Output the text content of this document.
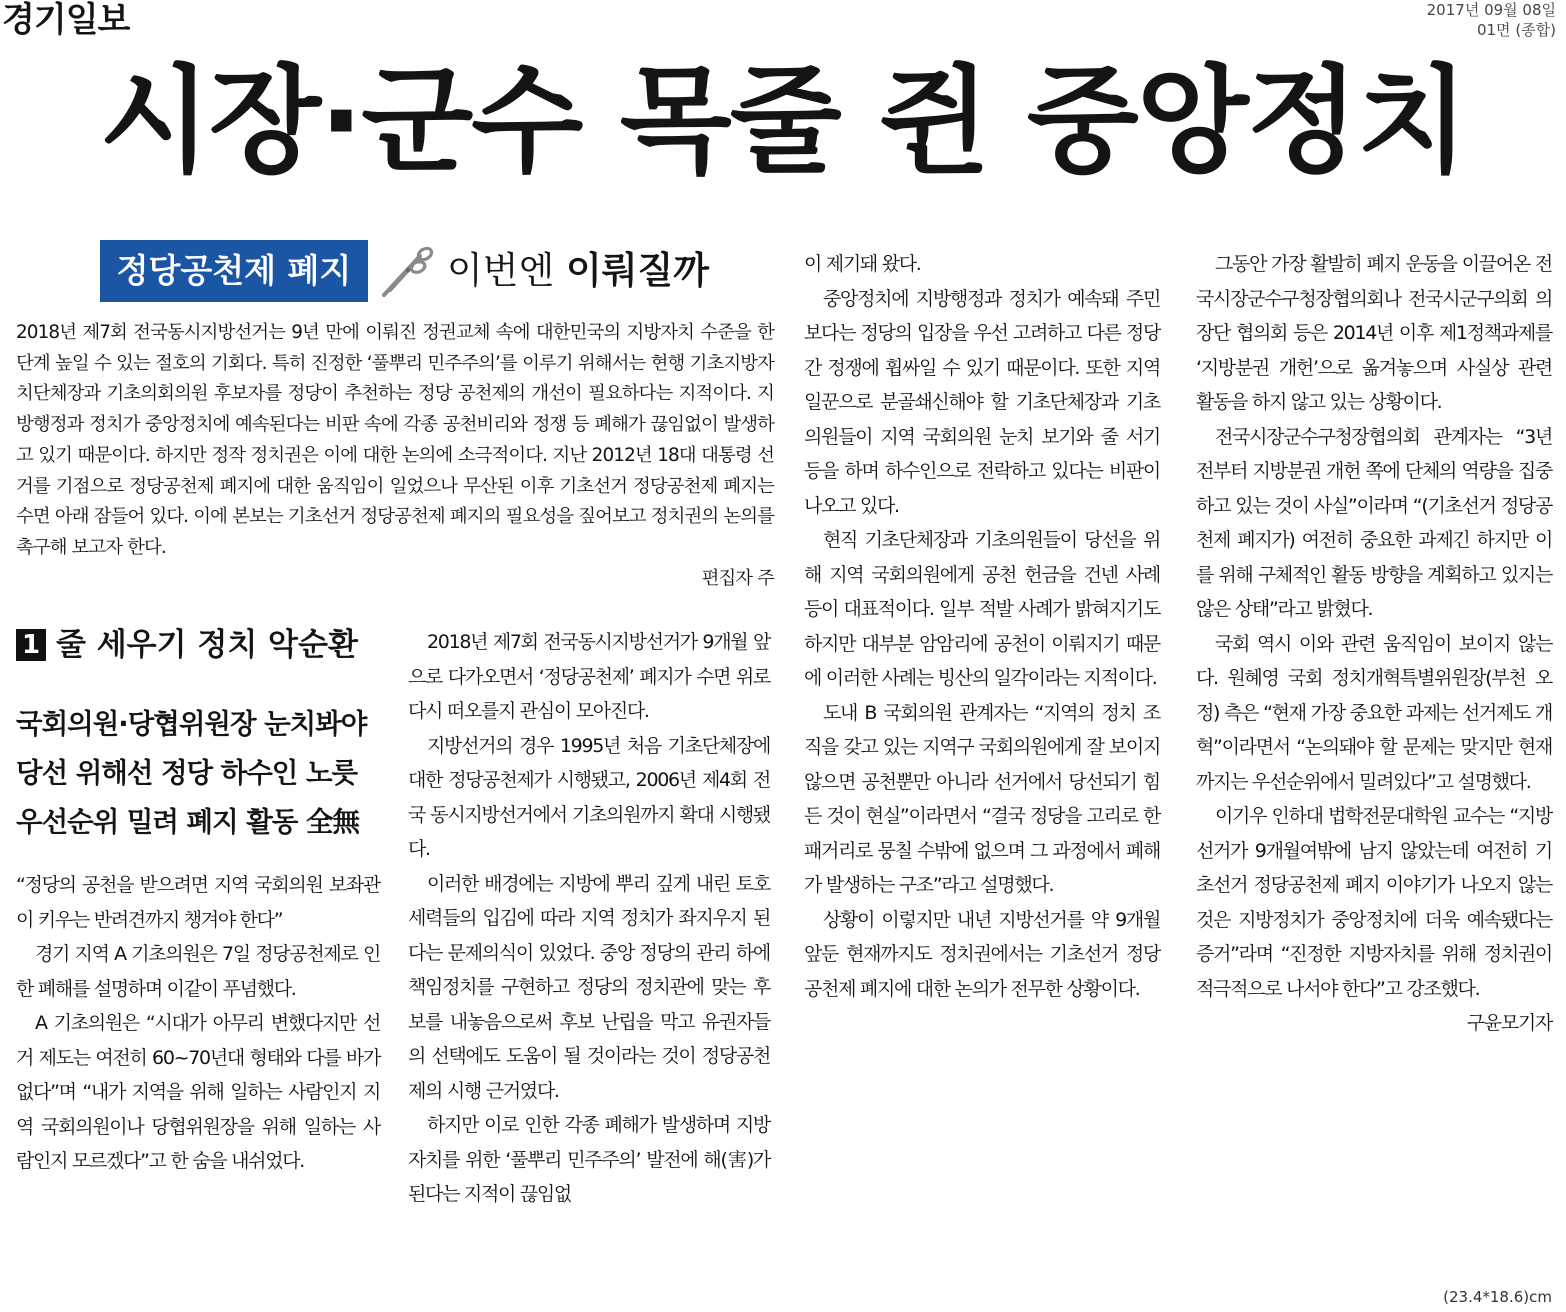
경기일보	2017년 09월 08일
01면 (종합)
시장·군수 목줄 쥔 중앙정치
정당공천제 폐지	이번엔 이뤄질까
2018년 제7회 전국동시지방선거는 9년 만에 이뤄진 정권교체 속에 대한민국의 지방자치 수준을 한 단계 높일 수 있는 절호의 기회다. 특히 진정한 ‘풀뿌리 민주주의’를 이루기 위해서는 현행 기초지방자치단체장과 기초의회의원 후보자를 정당이 추천하는 정당 공천제의 개선이 필요하다는 지적이다. 지방행정과 정치가 중앙정치에 예속된다는 비판 속에 각종 공천비리와 정쟁 등 폐해가 끊임없이 발생하고 있기 때문이다. 하지만 정작 정치권은 이에 대한 논의에 소극적이다. 지난 2012년 18대 대통령 선거를 기점으로 정당공천제 폐지에 대한 움직임이 일었으나 무산된 이후 기초선거 정당공천제 폐지는 수면 아래 잠들어 있다. 이에 본보는 기초선거 정당공천제 폐지의 필요성을 짚어보고 정치권의 논의를 촉구해 보고자 한다.
편집자 주
1 줄 세우기 정치 악순환
국회의원·당협위원장 눈치봐야
당선 위해선 정당 하수인 노릇
우선순위 밀려 폐지 활동 全無

“정당의 공천을 받으려면 지역 국회의원 보좌관이 키우는 반려견까지 챙겨야 한다”

경기 지역 A 기초의원은 7일 정당공천제로 인한 폐해를 설명하며 이같이 푸념했다.

A 기초의원은 “시대가 아무리 변했다지만 선거 제도는 여전히 60~70년대 형태와 다를 바가 없다”며 “내가 지역을 위해 일하는 사람인지 지역 국회의원이나 당협위원장을 위해 일하는 사람인지 모르겠다”고 한 숨을 내쉬었다.

2018년 제7회 전국동시지방선거가 9개월 앞으로 다가오면서 ‘정당공천제’ 폐지가 수면 위로 다시 떠오를지 관심이 모아진다.

지방선거의 경우 1995년 처음 기초단체장에 대한 정당공천제가 시행됐고, 2006년 제4회 전국 동시지방선거에서 기초의원까지 확대 시행됐다.

이러한 배경에는 지방에 뿌리 깊게 내린 토호세력들의 입김에 따라 지역 정치가 좌지우지 된다는 문제의식이 있었다. 중앙 정당의 관리 하에 책임정치를 구현하고 정당의 정치관에 맞는 후보를 내놓음으로써 후보 난립을 막고 유권자들의 선택에도 도움이 될 것이라는 것이 정당공천제의 시행 근거였다.

하지만 이로 인한 각종 폐해가 발생하며 지방자치를 위한 ‘풀뿌리 민주주의’ 발전에 해(害)가 된다는 지적이 끊임없

이 제기돼 왔다.

중앙정치에 지방행정과 정치가 예속돼 주민보다는 정당의 입장을 우선 고려하고 다른 정당 간 정쟁에 휩싸일 수 있기 때문이다. 또한 지역 일꾼으로 분골쇄신해야 할 기초단체장과 기초의원들이 지역 국회의원 눈치 보기와 줄 서기 등을 하며 하수인으로 전락하고 있다는 비판이 나오고 있다.

현직 기초단체장과 기초의원들이 당선을 위해 지역 국회의원에게 공천 헌금을 건넨 사례 등이 대표적이다. 일부 적발 사례가 밝혀지기도 하지만 대부분 암암리에 공천이 이뤄지기 때문에 이러한 사례는 빙산의 일각이라는 지적이다.

도내 B 국회의원 관계자는 “지역의 정치 조직을 갖고 있는 지역구 국회의원에게 잘 보이지 않으면 공천뿐만 아니라 선거에서 당선되기 힘든 것이 현실”이라면서 “결국 정당을 고리로 한 패거리로 뭉칠 수밖에 없으며 그 과정에서 폐해가 발생하는 구조”라고 설명했다.

상황이 이렇지만 내년 지방선거를 약 9개월 앞둔 현재까지도 정치권에서는 기초선거 정당공천제 폐지에 대한 논의가 전무한 상황이다.

그동안 가장 활발히 폐지 운동을 이끌어온 전국시장군수구청장협의회나 전국시군구의회 의장단 협의회 등은 2014년 이후 제1정책과제를 ‘지방분권 개헌’으로 옮겨놓으며 사실상 관련 활동을 하지 않고 있는 상황이다.

전국시장군수구청장협의회 관계자는 “3년 전부터 지방분권 개헌 쪽에 단체의 역량을 집중하고 있는 것이 사실”이라며 “(기초선거 정당공천제 폐지가) 여전히 중요한 과제긴 하지만 이를 위해 구체적인 활동 방향을 계획하고 있지는 않은 상태”라고 밝혔다.

국회 역시 이와 관련 움직임이 보이지 않는다. 원혜영 국회 정치개혁특별위원장(부천 오정) 측은 “현재 가장 중요한 과제는 선거제도 개혁”이라면서 “논의돼야 할 문제는 맞지만 현재까지는 우선순위에서 밀려있다”고 설명했다.

이기우 인하대 법학전문대학원 교수는 “지방선거가 9개월여밖에 남지 않았는데 여전히 기초선거 정당공천제 폐지 이야기가 나오지 않는 것은 지방정치가 중앙정치에 더욱 예속됐다는 증거”라며 “진정한 지방자치를 위해 정치권이 적극적으로 나서야 한다”고 강조했다.

구윤모기자

(23.4*18.6)cm
